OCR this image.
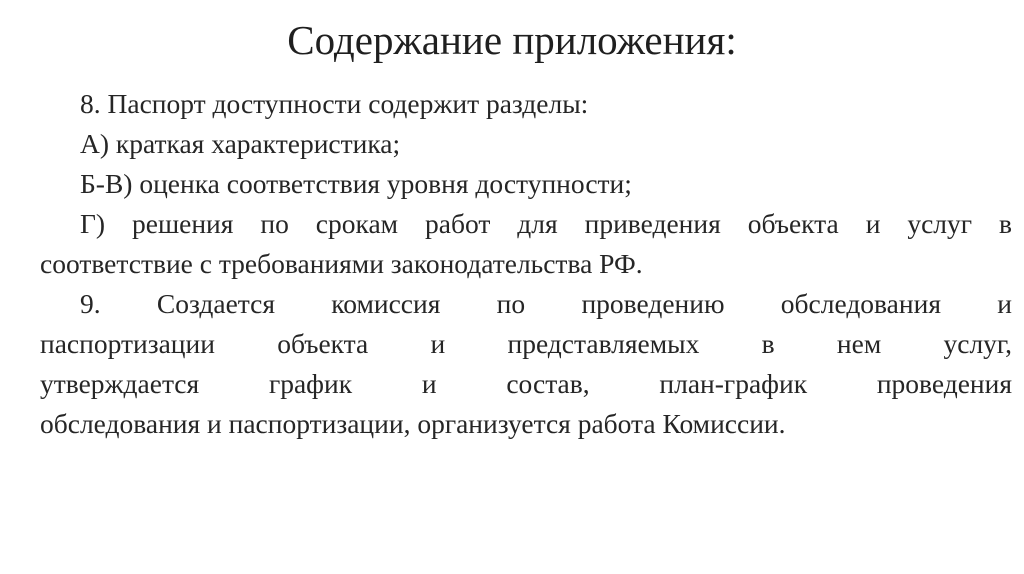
Содержание приложения:

8. Паспорт доступности содержит разделы:

А) краткая характеристика;

Б-В) оценка соответствия уровня доступности;

Г) решения по срокам работ для приведения объекта и услуг в
соответствие с требованиями законодательства РФ.
9. Создается комиссия по проведению обследования и
паспортизации объекта и представляемых в нем услуг,
утверждается график и состав, план-график проведения
обследования и паспортизации, организуется работа Комиссии.
